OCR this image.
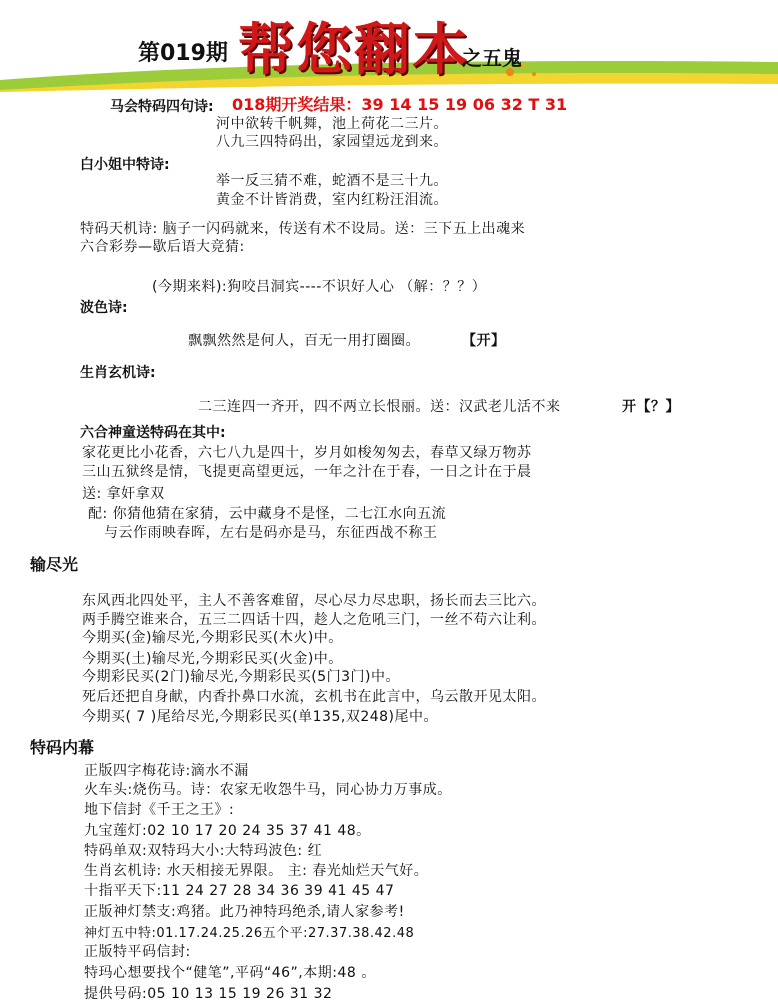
第019期 帮您翻本
之五鬼
马会特码四句诗: 018期开奖结果：39 14 15 19 06 32 T 31
河中欲转千帆舞，池上荷花二三片。
八九三四特码出，家园望远龙到来。
白小姐中特诗:
举一反三猜不难，蛇酒不是三十九。
黄金不计皆消费，室内红粉汪泪流。
特码天机诗: 脑子一闪码就来，传送有术不设局。送：三下五上出魂来
六合彩券—歇后语大竞猜:
(今期来料):狗咬吕洞宾----不识好人心 （解：？？）
波色诗:
飘飘然然是何人，百无一用打圈圈。	【开】
生肖玄机诗:
二三连四一齐开，四不两立长恨丽。送：汉武老儿活不来	开【？】
六合神童送特码在其中:
家花更比小花香，六七八九是四十，岁月如梭匆匆去，春草又绿万物苏
三山五狱终是情，飞提更高望更远，一年之汁在于春，一日之计在于晨
送: 拿奸拿双
配: 你猜他猜在家猜，云中藏身不是怪，二七江水向五流
与云作雨映春晖，左右是码亦是马，东征西战不称王
输尽光
东风西北四处平，主人不善客难留，尽心尽力尽忠职，扬长而去三比六。
两手腾空谁来合，五三二四话十四，趁人之危吼三门，一丝不苟六让利。
今期买(金)输尽光,今期彩民买(木火)中。
今期买(土)输尽光,今期彩民买(火金)中。
今期彩民买(2门)输尽光,今期彩民买(5门3门)中。
死后还把自身献，内香扑鼻口水流，玄机书在此言中，乌云散开见太阳。
今期买( 7 )尾给尽光,今期彩民买(单135,双248)尾中。
特码内幕
正版四字梅花诗:滴水不漏
火车头:烧伤马。诗：农家无收怨牛马，同心协力万事成。
地下信封《千王之王》:
九宝莲灯:02 10 17 20 24 35 37 41 48。
特码单双:双特玛大小:大特玛波色: 红
生肖玄机诗: 水天相接无界限。 主: 春光灿烂天气好。
十指平天下:11 24 27 28 34 36 39 41 45 47
正版神灯禁支:鸡猪。此乃神特玛绝杀,请人家参考!
神灯五中特:01.17.24.25.26五个平:27.37.38.42.48
正版特平码信封:
特玛心想要找个“健笔”,平码“46”,本期:48 。
提供号码:05 10 13 15 19 26 31 32
